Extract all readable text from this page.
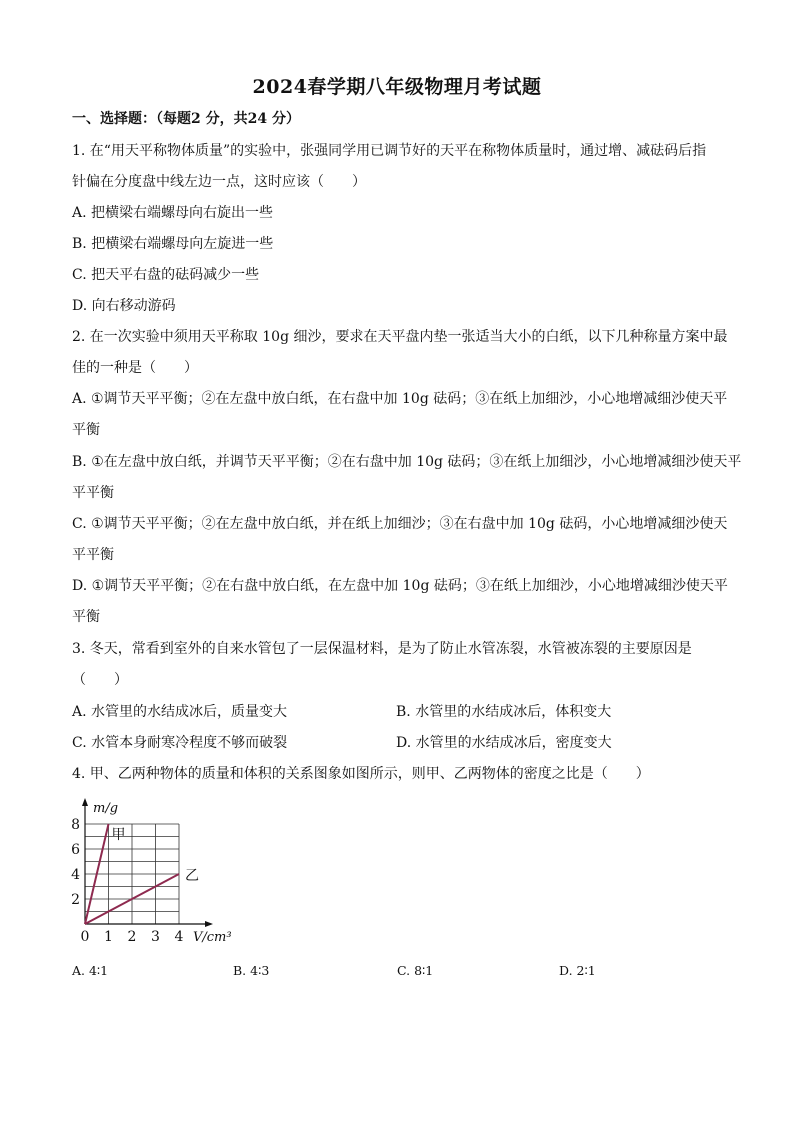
2024春学期八年级物理月考试题
一、选择题：（每题2 分，共24 分）
1. 在“用天平称物体质量”的实验中，张强同学用已调节好的天平在称物体质量时，通过增、减砝码后指
针偏在分度盘中线左边一点，这时应该（　　）
A. 把横梁右端螺母向右旋出一些
B. 把横梁右端螺母向左旋进一些
C. 把天平右盘的砝码减少一些
D. 向右移动游码
2. 在一次实验中须用天平称取 10g 细沙，要求在天平盘内垫一张适当大小的白纸，以下几种称量方案中最
佳的一种是（　　）
A. ①调节天平平衡；②在左盘中放白纸，在右盘中加 10g 砝码；③在纸上加细沙，小心地增减细沙使天平
平衡
B. ①在左盘中放白纸，并调节天平平衡；②在右盘中加 10g 砝码；③在纸上加细沙，小心地增减细沙使天平
平平衡
C. ①调节天平平衡；②在左盘中放白纸，并在纸上加细沙；③在右盘中加 10g 砝码，小心地增减细沙使天
平平衡
D. ①调节天平平衡；②在右盘中放白纸，在左盘中加 10g 砝码；③在纸上加细沙，小心地增减细沙使天平
平衡
3. 冬天，常看到室外的自来水管包了一层保温材料，是为了防止水管冻裂，水管被冻裂的主要原因是
（　　）
A. 水管里的水结成冰后，质量变大	B. 水管里的水结成冰后，体积变大
C. 水管本身耐寒冷程度不够而破裂	D. 水管里的水结成冰后，密度变大
4. 甲、乙两种物体的质量和体积的关系图象如图所示，则甲、乙两物体的密度之比是（　　）
甲
乙
0 1 2 3 4
2
4
6
8
m/g
V/cm³
A. 4∶1	B. 4∶3	C. 8∶1	D. 2∶1
